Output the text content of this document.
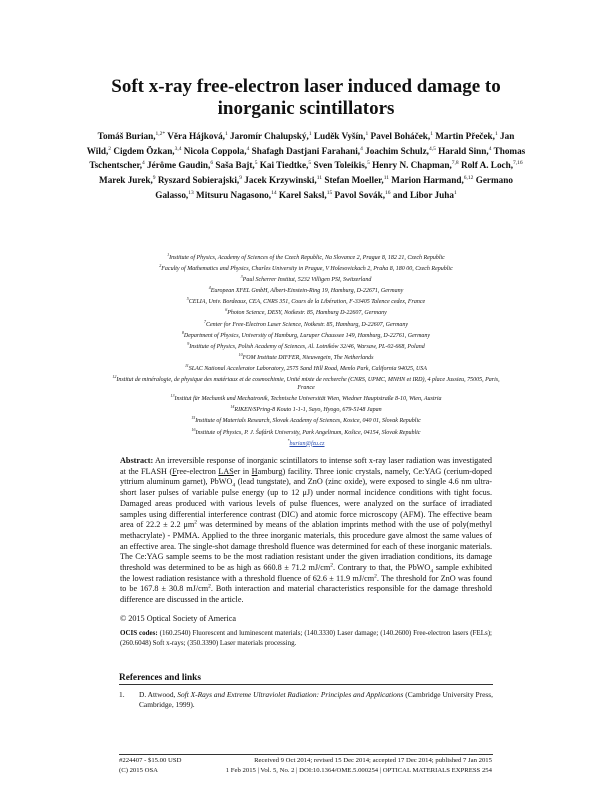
Soft x-ray free-electron laser induced damage to
inorganic scintillators
Tomáš Burian,$^{1,2*}$ Věra Hájková,$^1$ Jaromír Chalupský,$^1$ Luděk Vyšín,$^1$ Pavel Boháček,$^1$ Martin Přeček,$^1$ Jan Wild,$^2$ Cigdem Özkan,$^{3,4}$ Nicola Coppola,$^4$ Shafagh Dastjani Farahani,$^4$ Joachim Schulz,$^{4,5}$ Harald Sinn,$^4$ Thomas Tschentscher,$^4$ Jérôme Gaudin,$^6$ Saša Bajt,$^5$ Kai Tiedtke,$^5$ Sven Toleikis,$^5$ Henry N. Chapman,$^{7,8}$ Rolf A. Loch,$^{7,16}$ Marek Jurek,$^9$ Ryszard Sobierajski,$^9$ Jacek Krzywinski,$^{11}$ Stefan Moeller,$^{11}$ Marion Harmand,$^{6,12}$ Germano Galasso,$^{13}$ Mitsuru Nagasono,$^{14}$ Karel Saksl,$^{15}$ Pavol Sovák,$^{16}$ and Libor Juha$^1$
$^1$Institute of Physics, Academy of Sciences of the Czech Republic, Na Slovance 2, Prague 8, 182 21, Czech Republic
$^2$Faculty of Mathematics and Physics, Charles University in Prague, V Holesovickach 2, Praha 8, 180 00, Czech Republic
$^3$Paul Scherrer Institut, 5232 Villigen PSI, Switzerland
$^4$European XFEL GmbH, Albert-Einstein-Ring 19, Hamburg, D-22671, Germany
$^5$CELIA, Univ. Bordeaux, CEA, CNRS 351, Cours de la Libération, F-33405 Talence cedex, France
$^6$Photon Science, DESY, Notkestr. 85, Hamburg D-22607, Germany
$^7$Center for Free-Electron Laser Science, Notkestr. 85, Hamburg, D-22607, Germany
$^8$Department of Physics, University of Hamburg, Luruper Chaussee 149, Hamburg, D-22761, Germany
$^9$Institute of Physics, Polish Academy of Sciences, Al. Lotników 32/46, Warsaw, PL-02-668, Poland
$^{10}$FOM Institute DIFFER, Nieuwegein, The Netherlands
$^{11}$SLAC National Accelerator Laboratory, 2575 Sand Hill Road, Menlo Park, California 94025, USA
$^{12}$Institut de minéralogie, de physique des matériaux et de cosmochimie, Unité mixte de recherche (CNRS, UPMC, MNHN et IRD), 4 place Jussieu, 75005, Paris, France
$^{13}$Institut für Mechanik und Mechatronik, Technische Universität Wien, Wiedner Hauptstraße 8-10, Wien, Austria
$^{14}$RIKEN/SPring-8 Kouto 1-1-1, Sayo, Hyogo, 679-5148 Japan
$^{15}$Institute of Materials Research, Slovak Academy of Sciences, Kosice, 040 01, Slovak Republic
$^{16}$Institute of Physics, P. J. Šafárik University, Park Angelinum, Košice, 04154, Slovak Republic
*burian@fzu.cz
Abstract: An irreversible response of inorganic scintillators to intense soft x-ray laser radiation was investigated at the FLASH (Free-electron LASer in Hamburg) facility. Three ionic crystals, namely, Ce:YAG (cerium-doped yttrium aluminum garnet), PbWO$_4$ (lead tungstate), and ZnO (zinc oxide), were exposed to single 4.6 nm ultra-short laser pulses of variable pulse energy (up to 12 μJ) under normal incidence conditions with tight focus. Damaged areas produced with various levels of pulse fluences, were analyzed on the surface of irradiated samples using differential interference contrast (DIC) and atomic force microscopy (AFM). The effective beam area of 22.2 ± 2.2 $\mu m^2$ was determined by means of the ablation imprints method with the use of poly(methyl methacrylate) - PMMA. Applied to the three inorganic materials, this procedure gave almost the same values of an effective area. The single-shot damage threshold fluence was determined for each of these inorganic materials. The Ce:YAG sample seems to be the most radiation resistant under the given irradiation conditions, its damage threshold was determined to be as high as 660.8 ± 71.2 $mJ/cm^2$. Contrary to that, the PbWO$_4$ sample exhibited the lowest radiation resistance with a threshold fluence of 62.6 ± 11.9 $mJ/cm^2$. The threshold for ZnO was found to be 167.8 ± 30.8 $mJ/cm^2$. Both interaction and material characteristics responsible for the damage threshold difference are discussed in the article.
© 2015 Optical Society of America
OCIS codes: (160.2540) Fluorescent and luminescent materials; (140.3330) Laser damage; (140.2600) Free-electron lasers (FELs); (260.6048) Soft x-rays; (350.3390) Laser materials processing.
References and links
1. D. Attwood, Soft X-Rays and Extreme Ultraviolet Radiation: Principles and Applications (Cambridge University Press, Cambridge, 1999).
#224407 - $15.00 USD
(C) 2015 OSA
Received 9 Oct 2014; revised 15 Dec 2014; accepted 17 Dec 2014; published 7 Jan 2015
1 Feb 2015 | Vol. 5, No. 2 | DOI:10.1364/OME.5.000254 | OPTICAL MATERIALS EXPRESS 254
